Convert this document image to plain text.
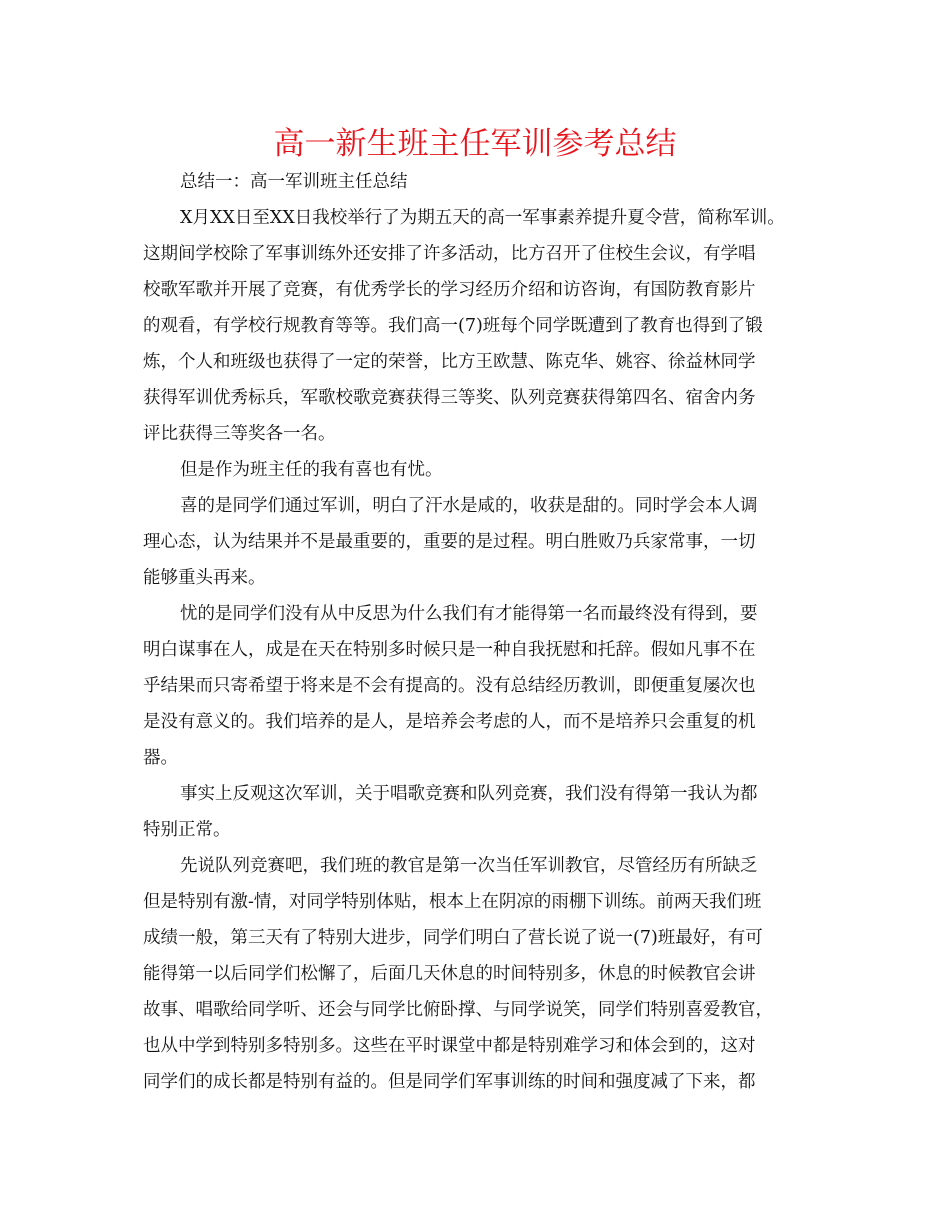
高一新生班主任军训参考总结
总结一：高一军训班主任总结
X月XX日至XX日我校举行了为期五天的高一军事素养提升夏令营，简称军训。
这期间学校除了军事训练外还安排了许多活动，比方召开了住校生会议，有学唱
校歌军歌并开展了竞赛，有优秀学长的学习经历介绍和访咨询，有国防教育影片
的观看，有学校行规教育等等。我们高一(7)班每个同学既遭到了教育也得到了锻
炼，个人和班级也获得了一定的荣誉，比方王欧慧、陈克华、姚容、徐益林同学
获得军训优秀标兵，军歌校歌竞赛获得三等奖、队列竞赛获得第四名、宿舍内务
评比获得三等奖各一名。
但是作为班主任的我有喜也有忧。
喜的是同学们通过军训，明白了汗水是咸的，收获是甜的。同时学会本人调
理心态，认为结果并不是最重要的，重要的是过程。明白胜败乃兵家常事，一切
能够重头再来。
忧的是同学们没有从中反思为什么我们有才能得第一名而最终没有得到，要
明白谋事在人，成是在天在特别多时候只是一种自我抚慰和托辞。假如凡事不在
乎结果而只寄希望于将来是不会有提高的。没有总结经历教训，即便重复屡次也
是没有意义的。我们培养的是人，是培养会考虑的人，而不是培养只会重复的机
器。
事实上反观这次军训，关于唱歌竞赛和队列竞赛，我们没有得第一我认为都
特别正常。
先说队列竞赛吧，我们班的教官是第一次当任军训教官，尽管经历有所缺乏
但是特别有激-情，对同学特别体贴，根本上在阴凉的雨棚下训练。前两天我们班
成绩一般，第三天有了特别大进步，同学们明白了营长说了说一(7)班最好，有可
能得第一以后同学们松懈了，后面几天休息的时间特别多，休息的时候教官会讲
故事、唱歌给同学听、还会与同学比俯卧撑、与同学说笑，同学们特别喜爱教官，
也从中学到特别多特别多。这些在平时课堂中都是特别难学习和体会到的，这对
同学们的成长都是特别有益的。但是同学们军事训练的时间和强度减了下来，都
